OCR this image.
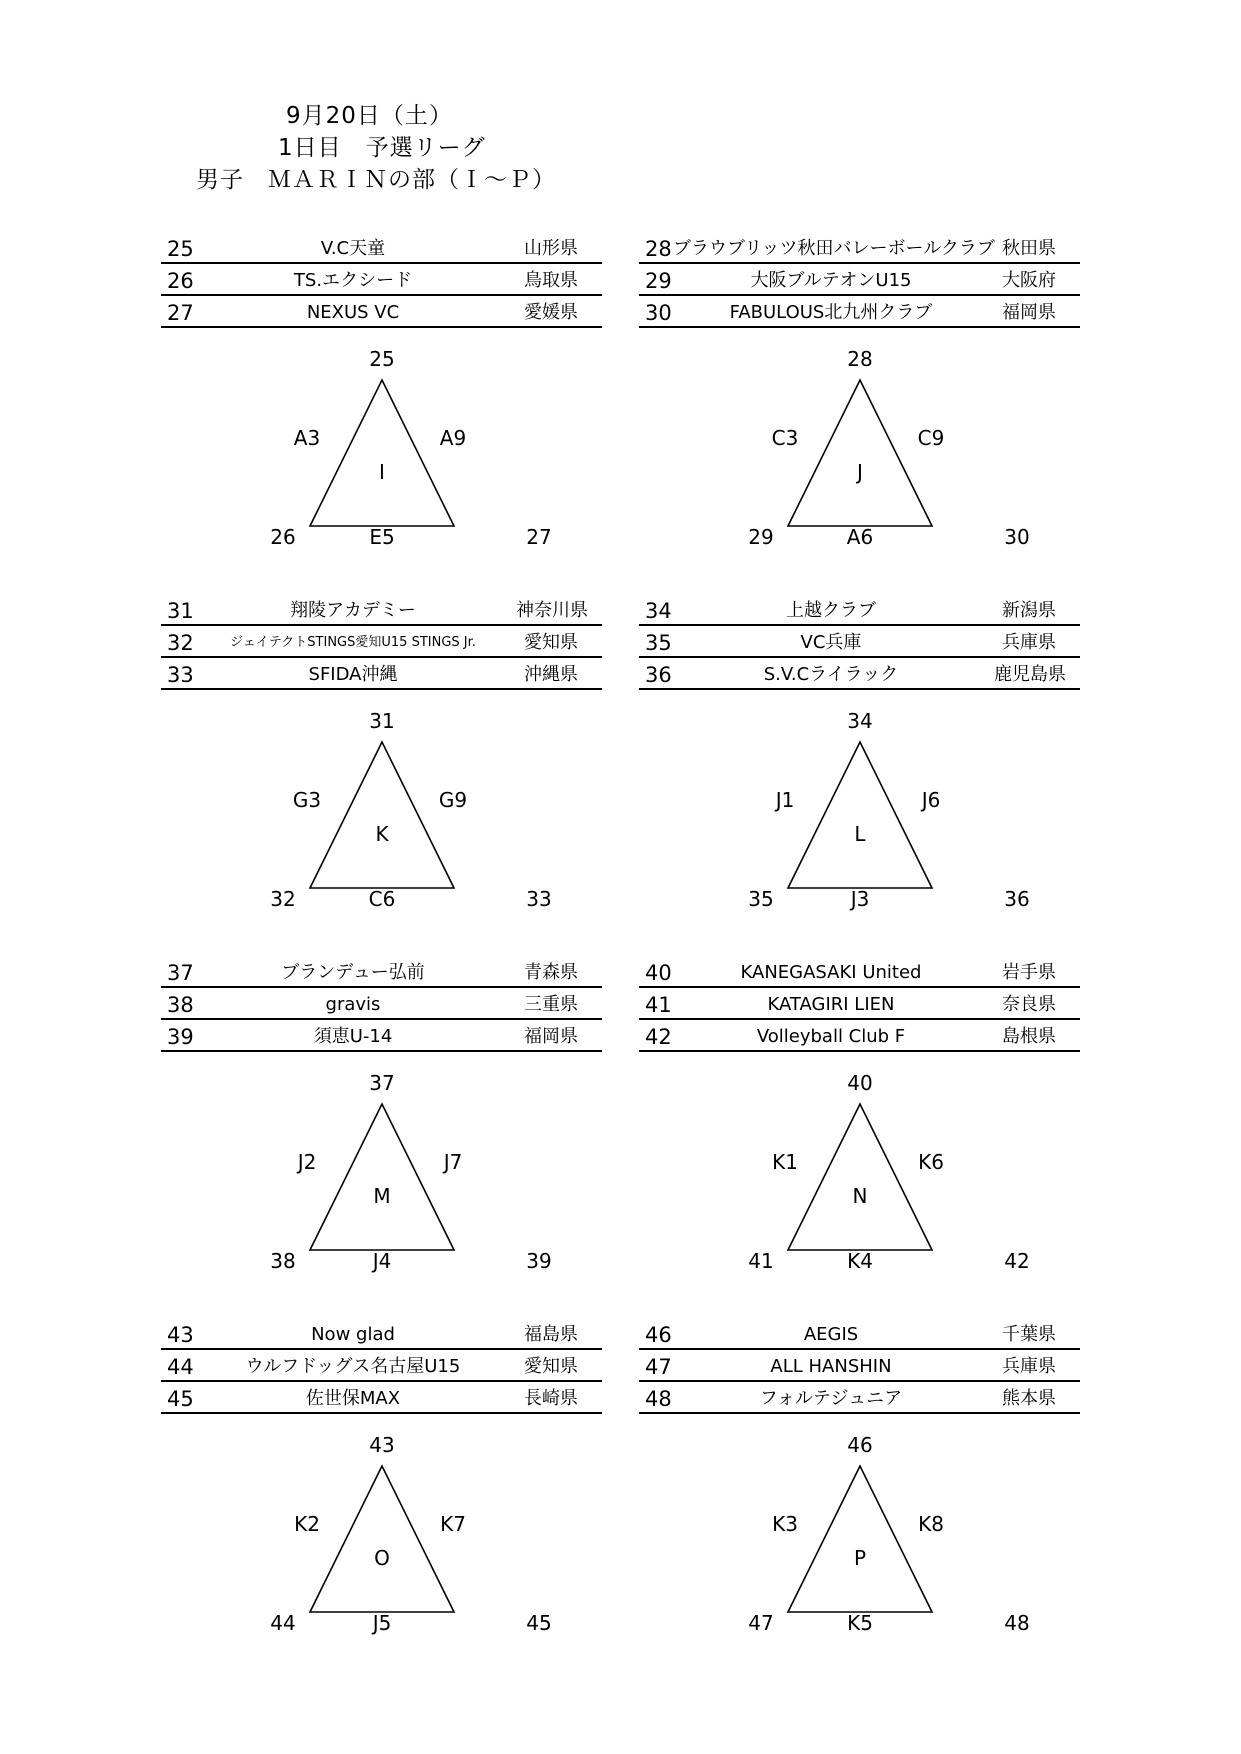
9月20日（土）
1日目　予選リーグ
男子　ＭＡＲＩＮの部（Ｉ～Ｐ）
25	V.C天童	山形県
26	TS.エクシード	鳥取県
27	NEXUS VC	愛媛県
25
A3	A9
I
26	E5	27
28 ブラウブリッツ秋田バレーボールクラブ 秋田県
29	大阪ブルテオンU15	大阪府
30	FABULOUS北九州クラブ	福岡県
28
C3	C9
J
29	A6	30
31	翔陵アカデミー	神奈川県
32	ジェイテクトSTINGS愛知U15 STINGS Jr.	愛知県
33	SFIDA沖縄	沖縄県
31
G3	G9
K
32	C6	33
34	上越クラブ	新潟県
35	VC兵庫	兵庫県
36	S.V.Cライラック	鹿児島県
34
J1	J6
L
35	J3	36
37	ブランデュー弘前	青森県
38	gravis	三重県
39	須恵U-14	福岡県
37
J2	J7
M
38	J4	39
40	KANEGASAKI United	岩手県
41	KATAGIRI LIEN	奈良県
42	Volleyball Club F	島根県
40
K1	K6
N
41	K4	42
43	Now glad	福島県
44	ウルフドッグス名古屋U15	愛知県
45	佐世保MAX	長崎県
43
K2	K7
O
44	J5	45
46	AEGIS	千葉県
47	ALL HANSHIN	兵庫県
48	フォルテジュニア	熊本県
46
K3	K8
P
47	K5	48
